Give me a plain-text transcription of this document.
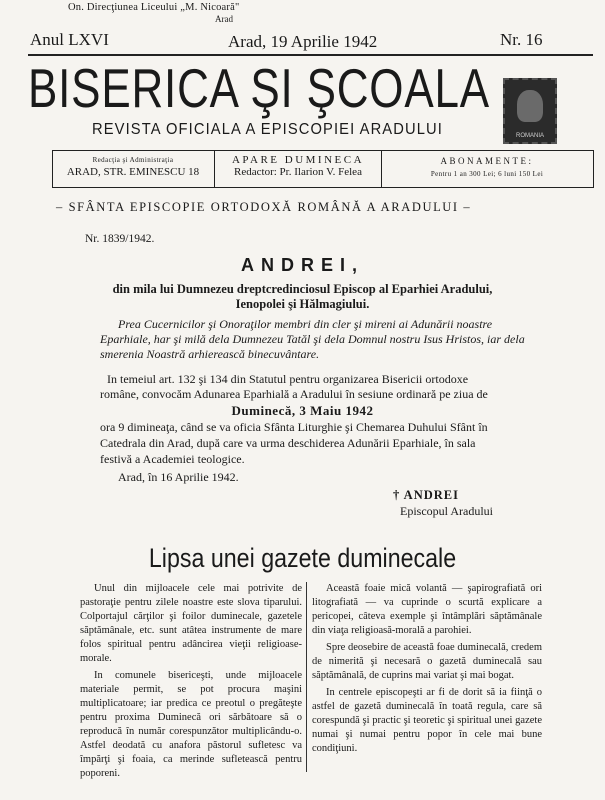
On. Direcţiunea Liceului „M. Nicoară"
Arad
Anul LXVI	Arad, 19 Aprilie 1942	Nr. 16
BISERICA ŞI ŞCOALA
ROMANIA
REVISTA OFICIALA A EPISCOPIEI ARADULUI
Redacţia şi Administraţia
ARAD, STR. EMINESCU 18
APARE DUMINECA
Redactor: Pr. Ilarion V. Felea
ABONAMENTE:
Pentru 1 an 300 Lei; 6 luni 150 Lei
– SFÂNTA EPISCOPIE ORTODOXĂ ROMÂNĂ A ARADULUI –
Nr. 1839/1942.
ANDREI,
din mila lui Dumnezeu dreptcredinciosul Episcop al Eparhiei Aradului,
Ienopolei şi Hălmagiului.
Prea Cucernicilor şi Onoraţilor membri din cler şi mireni ai Adunării noastre
Eparhiale, har şi milă dela Dumnezeu Tatăl şi dela Domnul nostru Isus Hristos, iar dela
smerenia Noastră arhierească binecuvântare.
In temeiul art. 132 şi 134 din Statutul pentru organizarea Bisericii ortodoxe
române, convocăm Adunarea Eparhială a Aradului în sesiune ordinară pe ziua de
Duminecă, 3 Maiu 1942
ora 9 dimineaţa, când se va oficia Sfânta Liturghie şi Chemarea Duhului Sfânt în
Catedrala din Arad, după care va urma deschiderea Adunării Eparhiale, în sala
festivă a Academiei teologice.
Arad, în 16 Aprilie 1942.
† ANDREI
Episcopul Aradului
Lipsa unei gazete duminecale

Unul din mijloacele cele mai potrivite de pastoraţie pentru zilele noastre este slova tiparului. Colportajul cărţilor şi foilor duminecale, gazetele săptămânale, etc. sunt atâtea instrumente de mare folos spiritual pentru adâncirea vieţii religioase-morale.

In comunele bisericeşti, unde mijloacele materiale permit, se pot procura maşini multiplicatoare; iar predica ce preotul o pregăteşte pentru proxima Duminecă ori sărbătoare să o reproducă în număr corespunzător multiplicându-o. Astfel deodată cu anafora păstorul sufletesc va împărţi şi foaia, ca merinde sufletească pentru poporeni.

Această foaie mică volantă — şapirografiată ori litografiată — va cuprinde o scurtă explicare a pericopei, câteva exemple şi întâmplări săptămânale din viaţa religioasă-morală a parohiei.

Spre deosebire de această foae duminecală, credem de nimerită şi necesară o gazetă duminecală sau săptămânală, de cuprins mai variat şi mai bogat.

In centrele episcopeşti ar fi de dorit să ia fiinţă o astfel de gazetă duminecală în toată regula, care să corespundă şi practic şi teoretic şi spiritual unei gazete numai şi numai pentru popor în cele mai bune condiţiuni.
